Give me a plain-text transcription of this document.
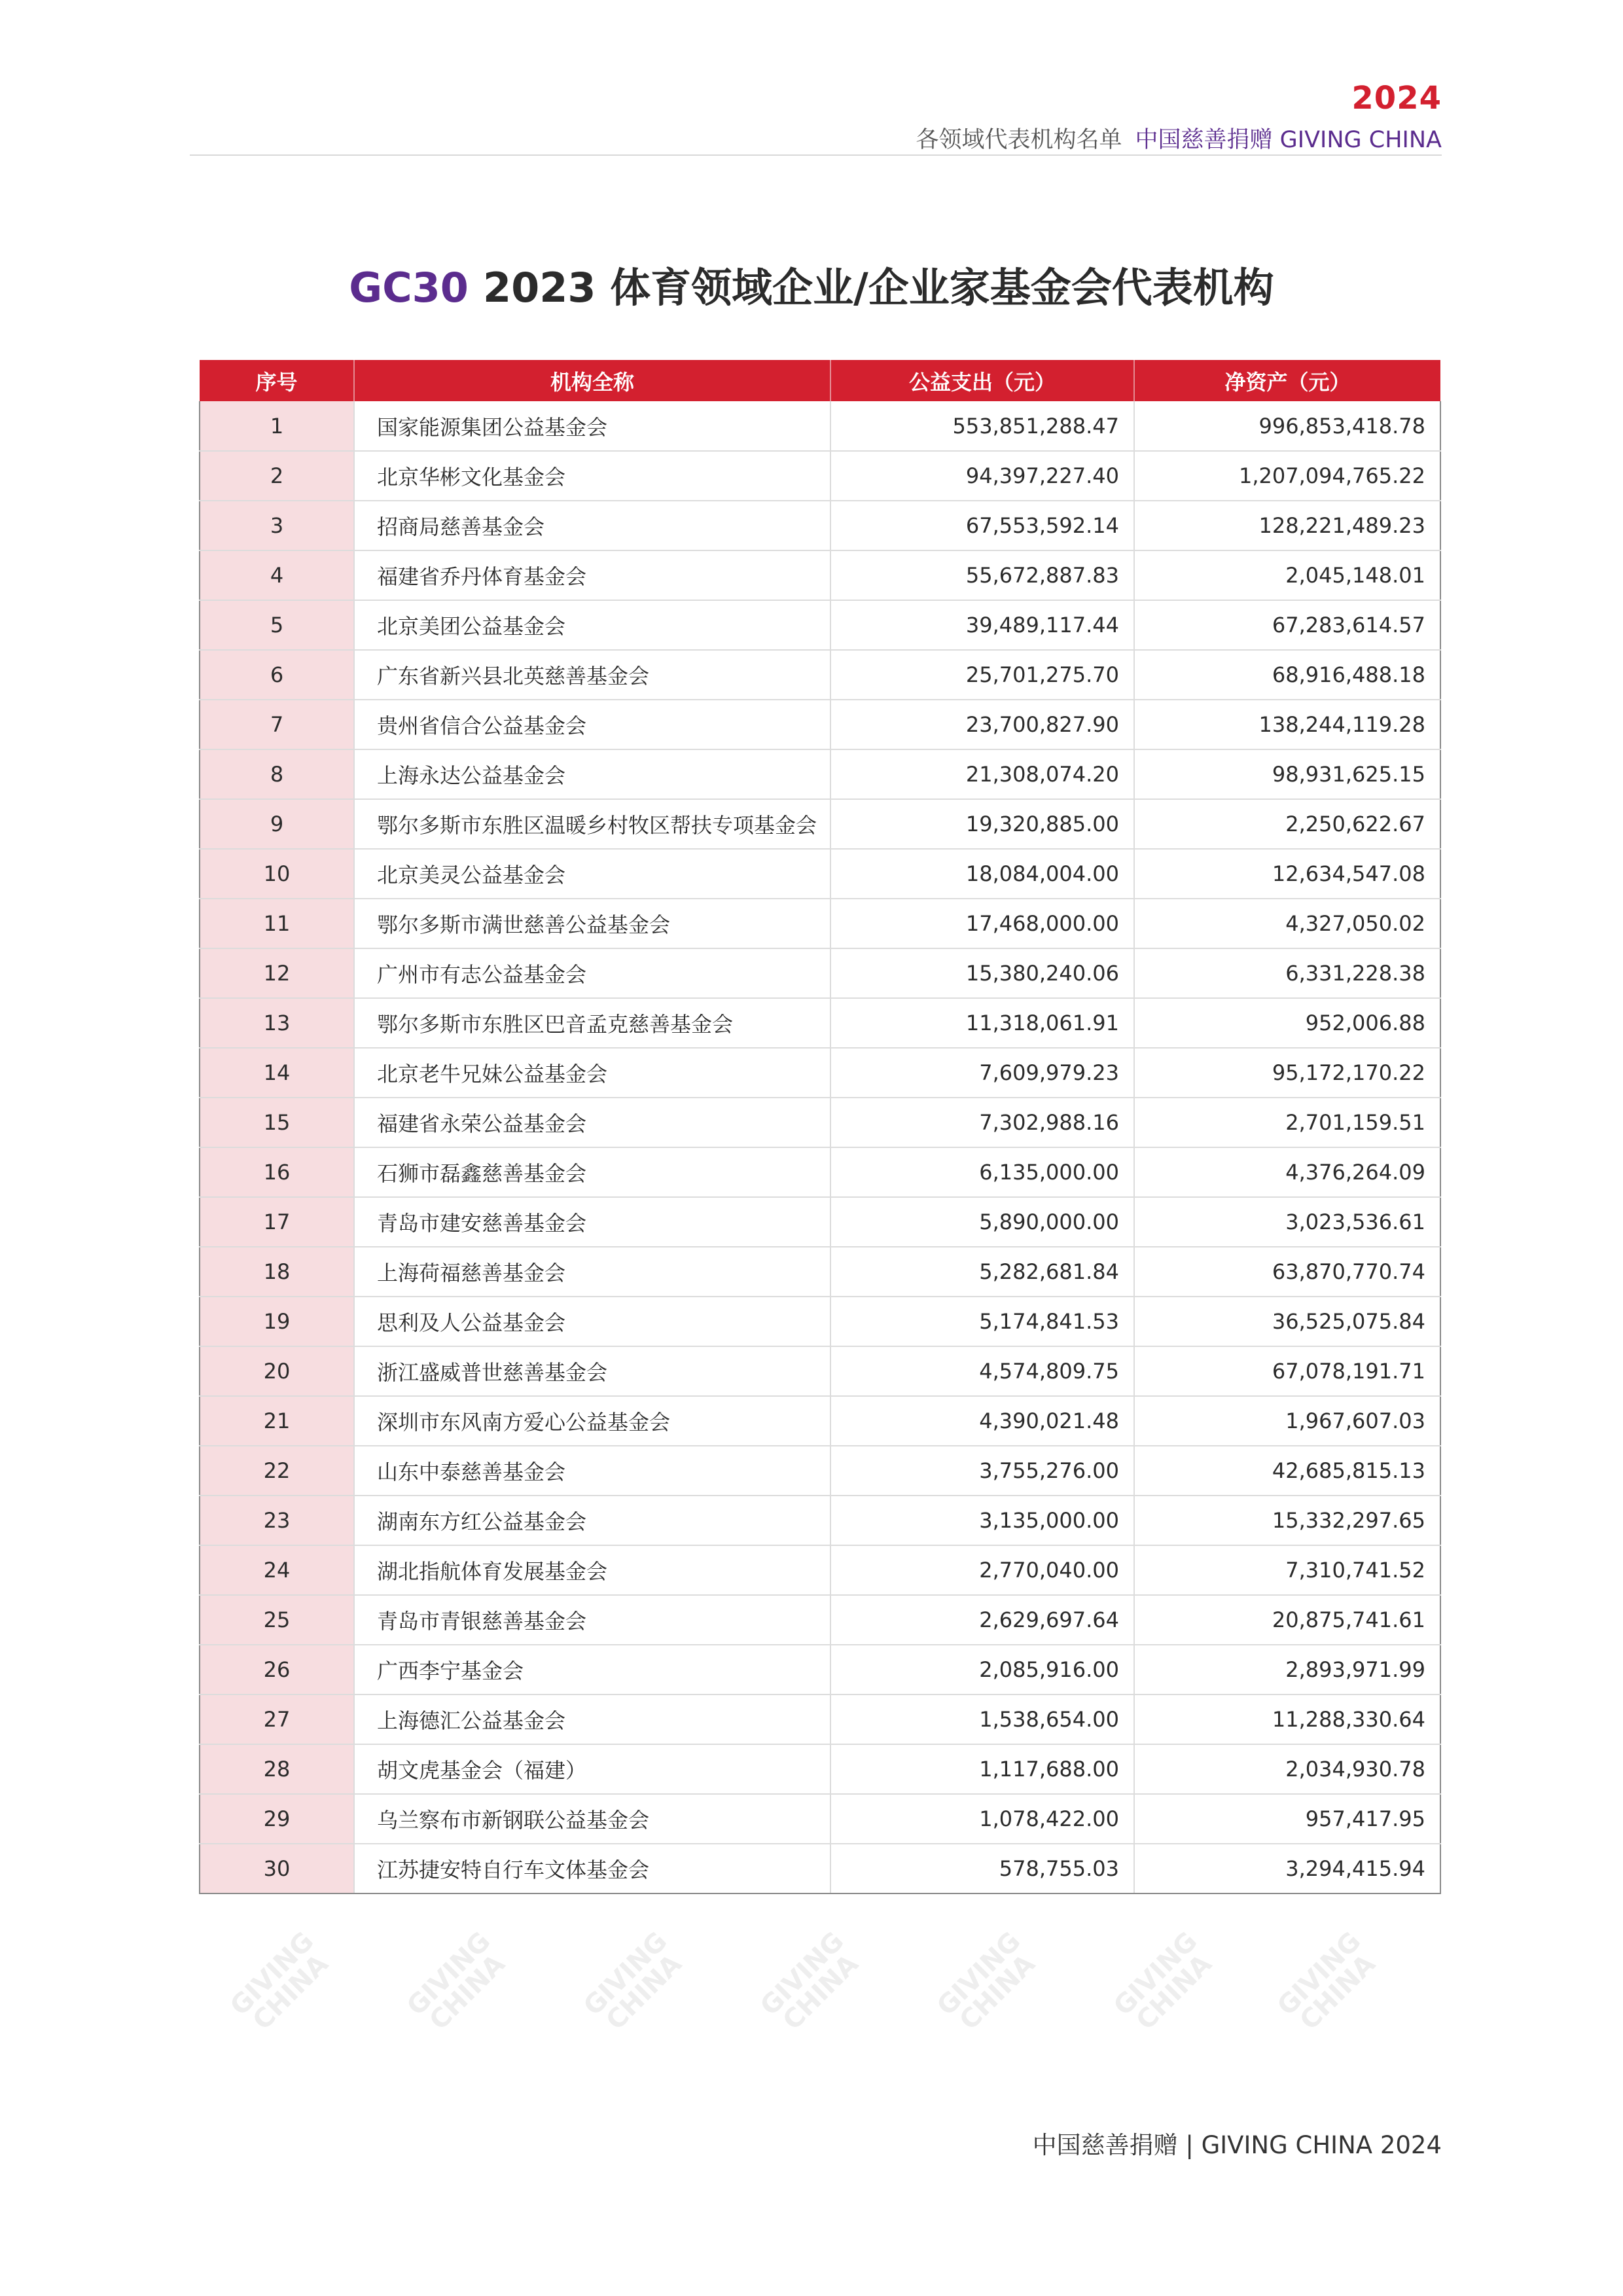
2024
各领域代表机构名单 中国慈善捐赠 GIVING CHINA
GC30 2023 体育领域企业/企业家基金会代表机构
GIVING
CHINA	GIVING
CHINA	GIVING
CHINA	GIVING
CHINA	GIVING
CHINA	GIVING
CHINA GIVING
CHINA
序号	机构全称	公益支出（元）	净资产（元）
1	国家能源集团公益基金会	553,851,288.47	996,853,418.78
2	北京华彬文化基金会	94,397,227.40	1,207,094,765.22
3	招商局慈善基金会	67,553,592.14	128,221,489.23
4	福建省乔丹体育基金会	55,672,887.83	2,045,148.01
5	北京美团公益基金会	39,489,117.44	67,283,614.57
6	广东省新兴县北英慈善基金会	25,701,275.70	68,916,488.18
7	贵州省信合公益基金会	23,700,827.90	138,244,119.28
8	上海永达公益基金会	21,308,074.20	98,931,625.15
9	鄂尔多斯市东胜区温暖乡村牧区帮扶专项基金会	19,320,885.00	2,250,622.67
10	北京美灵公益基金会	18,084,004.00	12,634,547.08
11	鄂尔多斯市满世慈善公益基金会	17,468,000.00	4,327,050.02
12	广州市有志公益基金会	15,380,240.06	6,331,228.38
13	鄂尔多斯市东胜区巴音孟克慈善基金会	11,318,061.91	952,006.88
14	北京老牛兄妹公益基金会	7,609,979.23	95,172,170.22
15	福建省永荣公益基金会	7,302,988.16	2,701,159.51
16	石狮市磊鑫慈善基金会	6,135,000.00	4,376,264.09
17	青岛市建安慈善基金会	5,890,000.00	3,023,536.61
18	上海荷福慈善基金会	5,282,681.84	63,870,770.74
19	思利及人公益基金会	5,174,841.53	36,525,075.84
20	浙江盛威普世慈善基金会	4,574,809.75	67,078,191.71
21	深圳市东风南方爱心公益基金会	4,390,021.48	1,967,607.03
22	山东中泰慈善基金会	3,755,276.00	42,685,815.13
23	湖南东方红公益基金会	3,135,000.00	15,332,297.65
24	湖北指航体育发展基金会	2,770,040.00	7,310,741.52
25	青岛市青银慈善基金会	2,629,697.64	20,875,741.61
26	广西李宁基金会	2,085,916.00	2,893,971.99
27	上海德汇公益基金会	1,538,654.00	11,288,330.64
28	胡文虎基金会（福建）	1,117,688.00	2,034,930.78
29	乌兰察布市新钢联公益基金会	1,078,422.00	957,417.95
30	江苏捷安特自行车文体基金会	578,755.03	3,294,415.94
中国慈善捐赠 | GIVING CHINA 2024
